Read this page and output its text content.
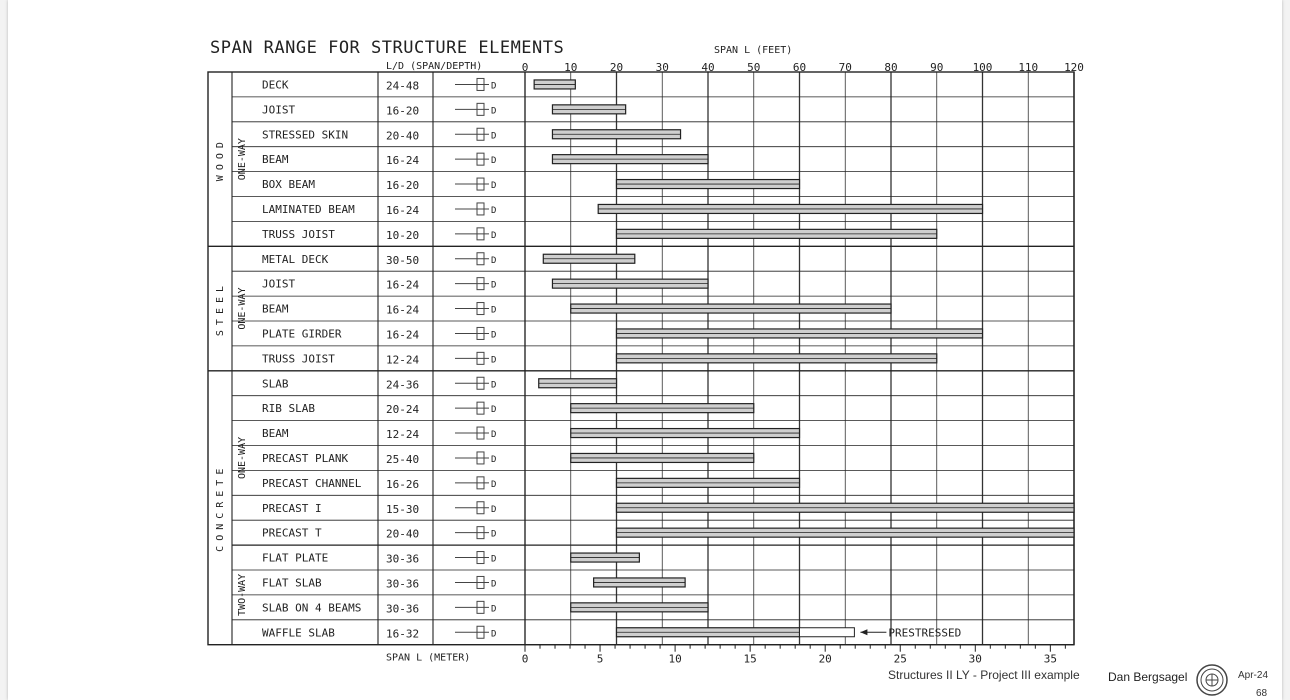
SPAN RANGE FOR STRUCTURE ELEMENTS
L/D (SPAN/DEPTH)
SPAN L (FEET)
0	10	20	30	40	50	60	70	80	90	100 110 120
ONE-WAY
ONE-WAY
ONE-WAY
TWO-WAY
WOOD
STEEL
CONCRETE
DECK	24-48	D
JOIST	16-20	D
STRESSED SKIN	20-40	D
BEAM	16-24	D
BOX BEAM	16-20	D
LAMINATED BEAM	16-24	D
TRUSS JOIST	10-20	D
METAL DECK	30-50	D
JOIST	16-24	D
BEAM	16-24	D
PLATE GIRDER	16-24	D
TRUSS JOIST	12-24	D
SLAB	24-36	D
RIB SLAB	20-24	D
BEAM	12-24	D
PRECAST PLANK	25-40	D
PRECAST CHANNEL 16-26	D
PRECAST I	15-30	D
PRECAST T	20-40	D
FLAT PLATE	30-36	D
FLAT SLAB	30-36	D
SLAB ON 4 BEAMS 30-36	D
WAFFLE SLAB	16-32	D	PRESTRESSED
0	5	10	15	20	25	30	35
SPAN L (METER)
Structures II LY - Project III example Dan Bergsagel	Apr-24
68
